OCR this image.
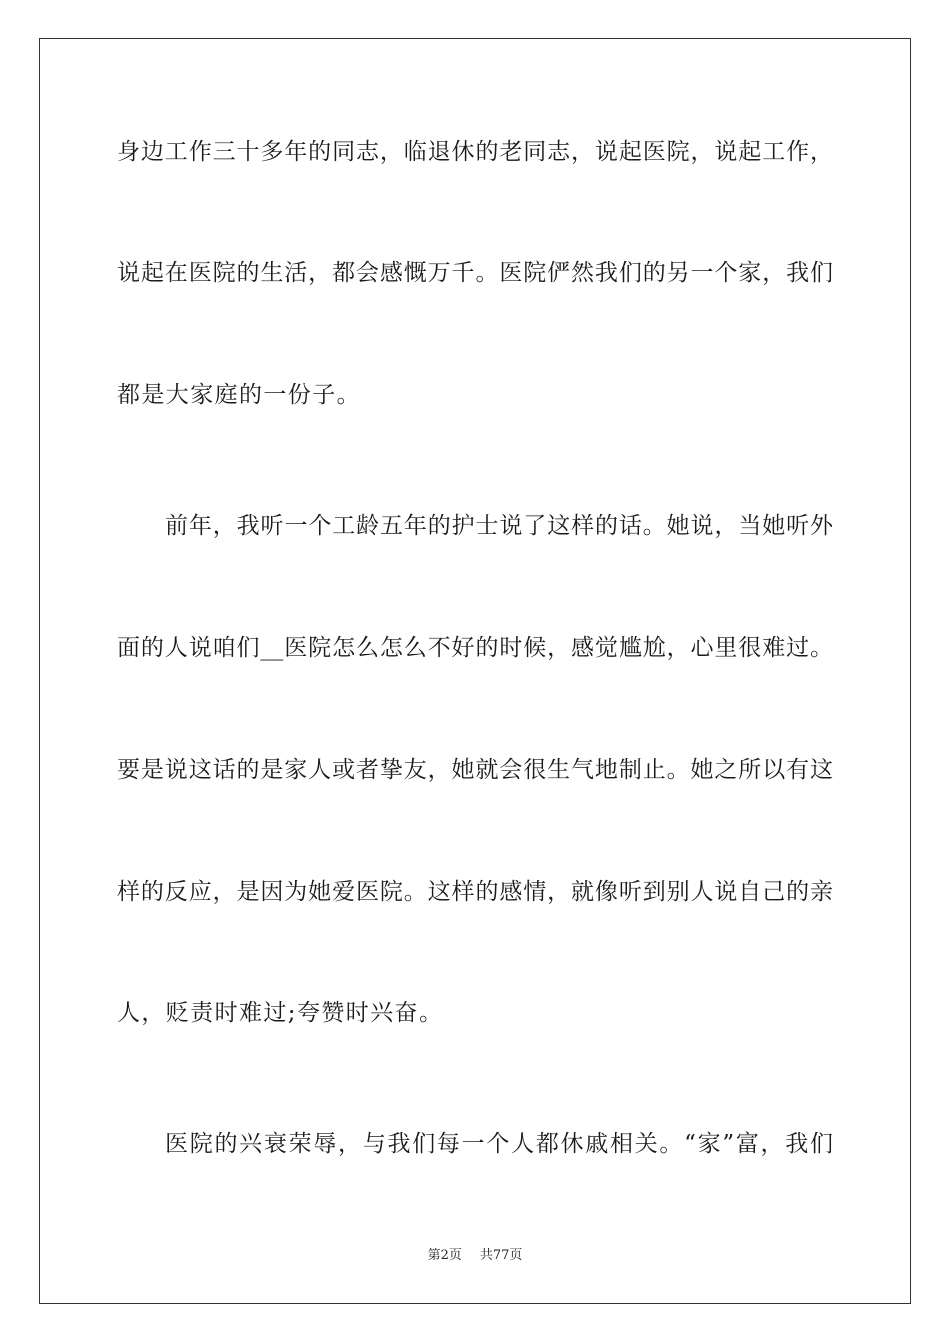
身边工作三十多年的同志，临退休的老同志，说起医院，说起工作，
说起在医院的生活，都会感慨万千。医院俨然我们的另一个家，我们
都是大家庭的一份子。
前年，我听一个工龄五年的护士说了这样的话。她说，当她听外
面的人说咱们__医院怎么怎么不好的时候，感觉尴尬，心里很难过。
要是说这话的是家人或者挚友，她就会很生气地制止。她之所以有这
样的反应，是因为她爱医院。这样的感情，就像听到别人说自己的亲
人，贬责时难过;夸赞时兴奋。
医院的兴衰荣辱，与我们每一个人都休戚相关。“家”富，我们
第2页 共77页
